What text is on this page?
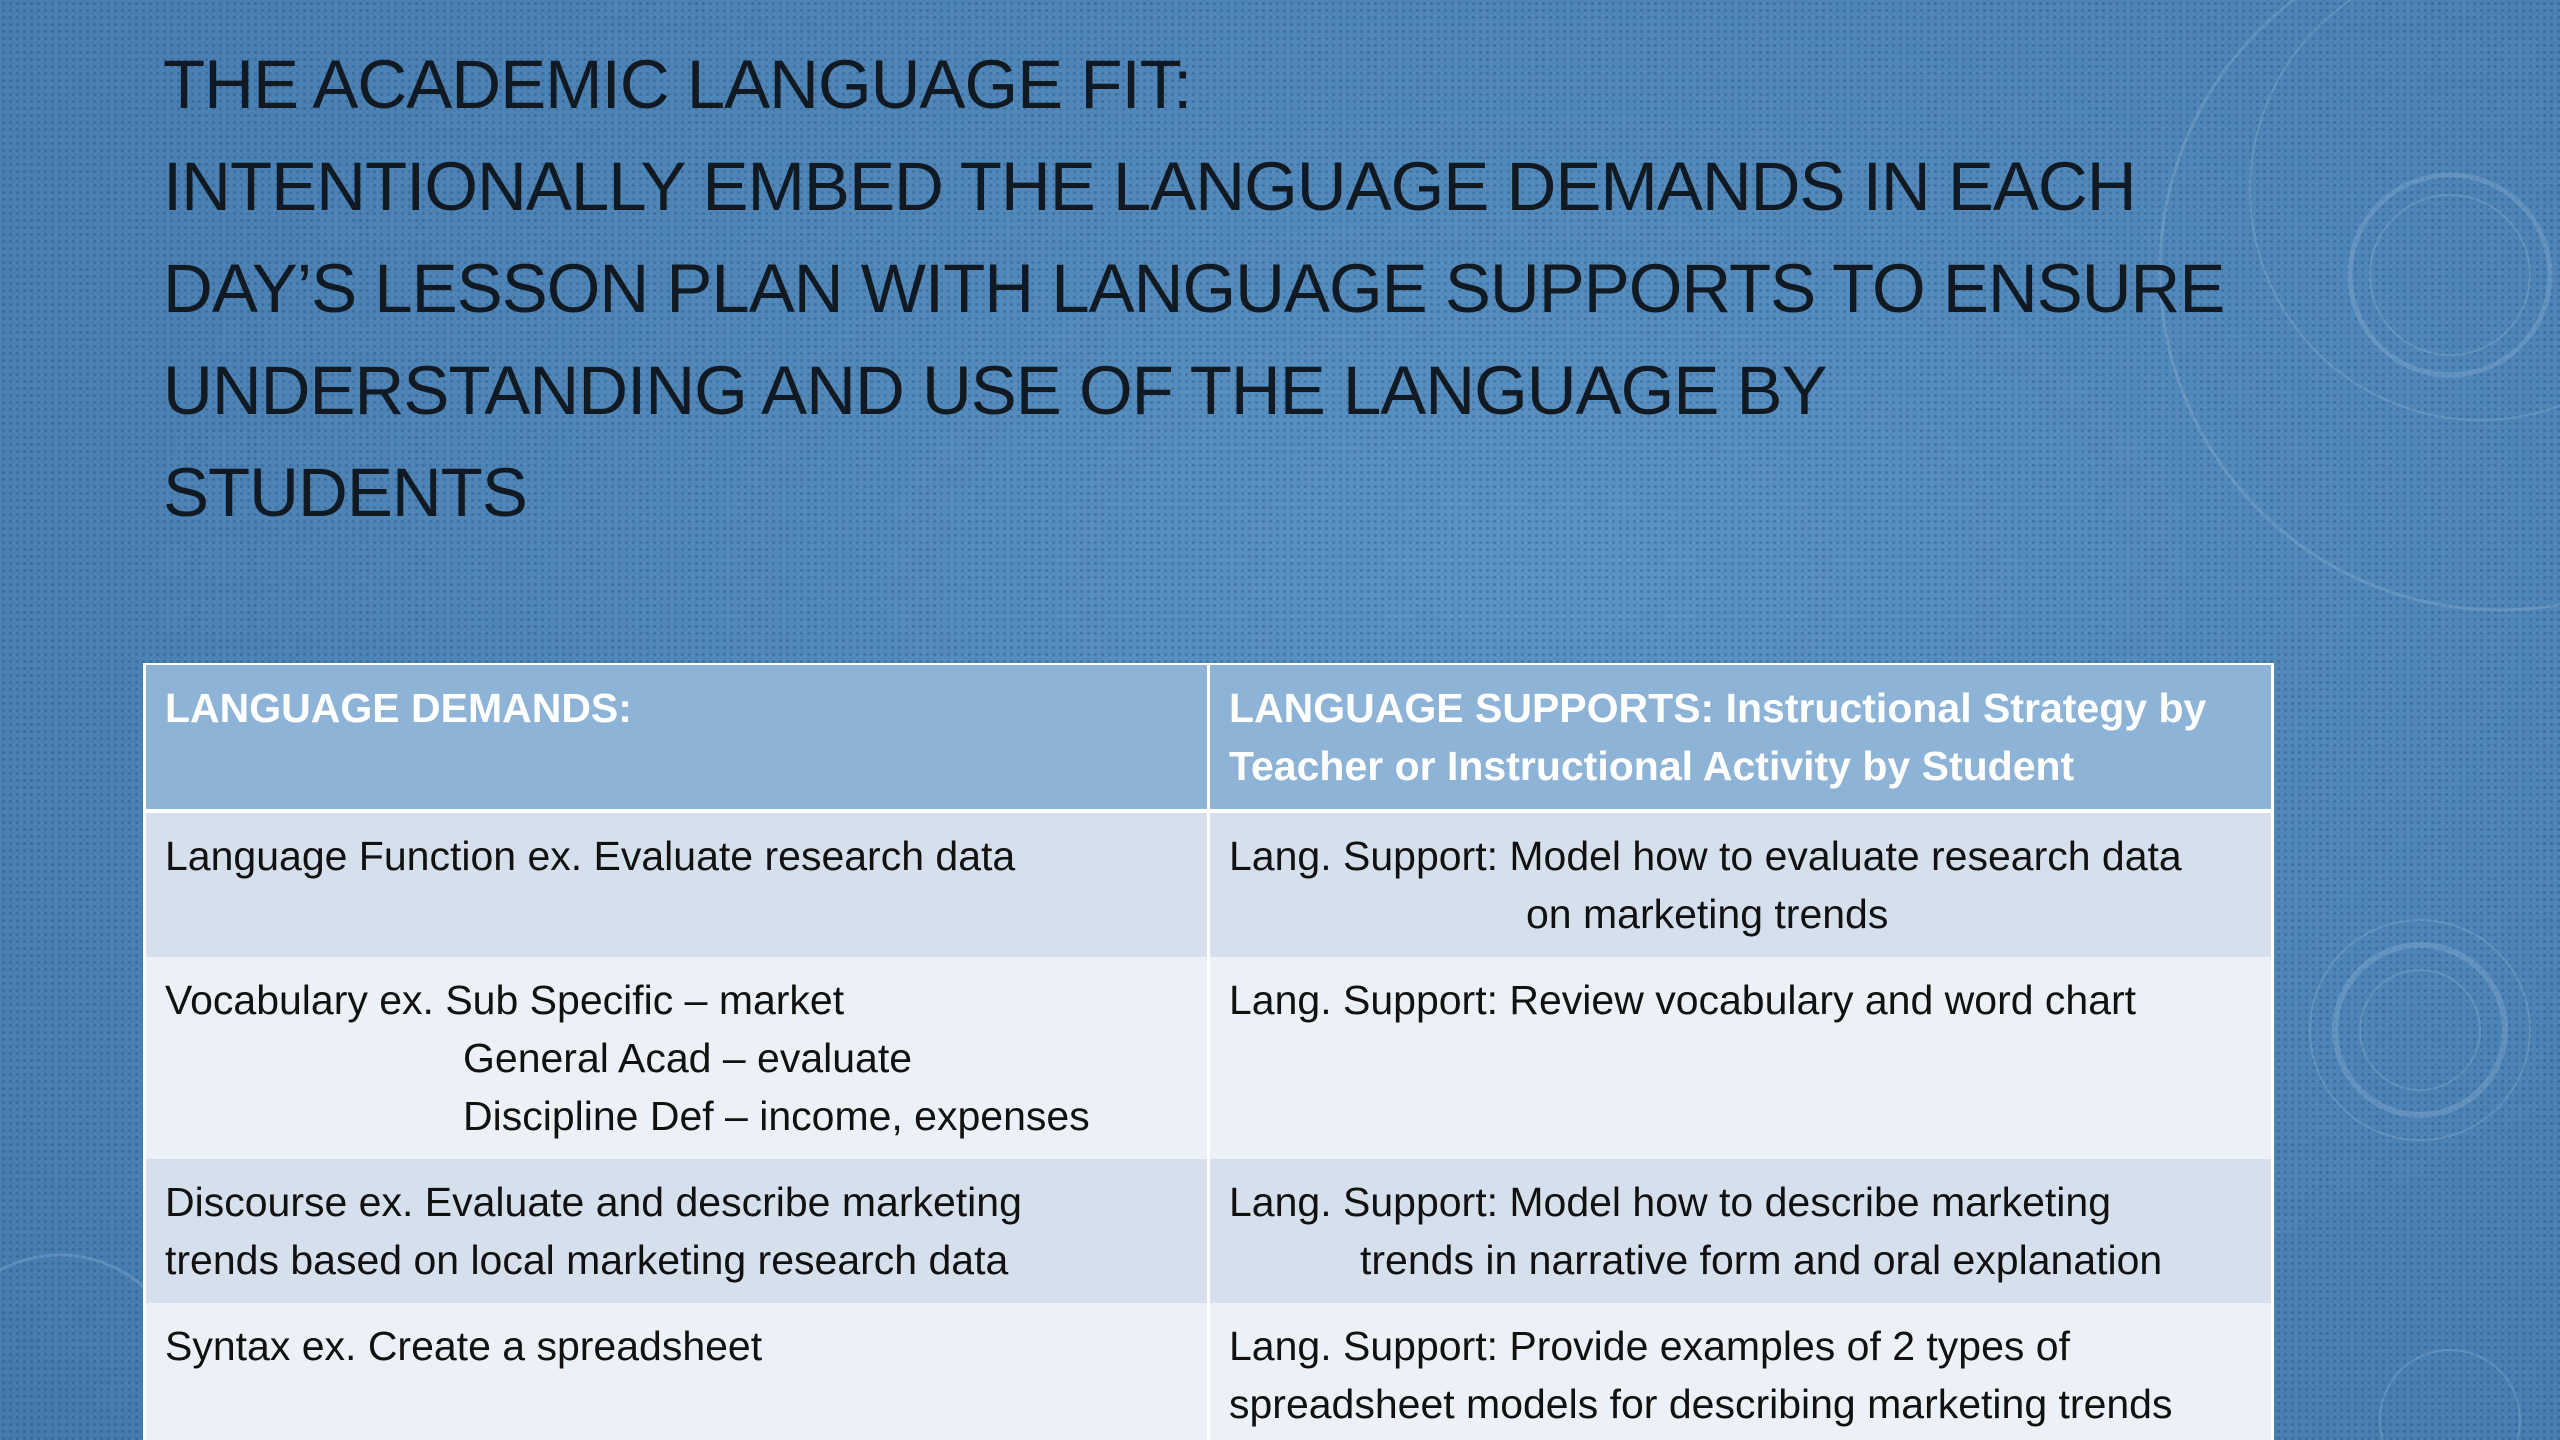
THE ACADEMIC LANGUAGE FIT:
INTENTIONALLY EMBED THE LANGUAGE DEMANDS IN EACH
DAY’S LESSON PLAN WITH LANGUAGE SUPPORTS TO ENSURE
UNDERSTANDING AND USE OF THE LANGUAGE BY
STUDENTS
LANGUAGE DEMANDS:	LANGUAGE SUPPORTS: Instructional Strategy by
Teacher or Instructional Activity by Student

Language Function ex. Evaluate research data	Lang. Support: Model how to evaluate research data
on marketing trends

Vocabulary ex. Sub Specific – market
General Acad – evaluate
Discipline Def – income, expenses	Lang. Support: Review vocabulary and word chart

Discourse ex. Evaluate and describe marketing
trends based on local marketing research data	Lang. Support: Model how to describe marketing
trends in narrative form and oral explanation

Syntax ex. Create a spreadsheet	Lang. Support: Provide examples of 2 types of
spreadsheet models for describing marketing trends
